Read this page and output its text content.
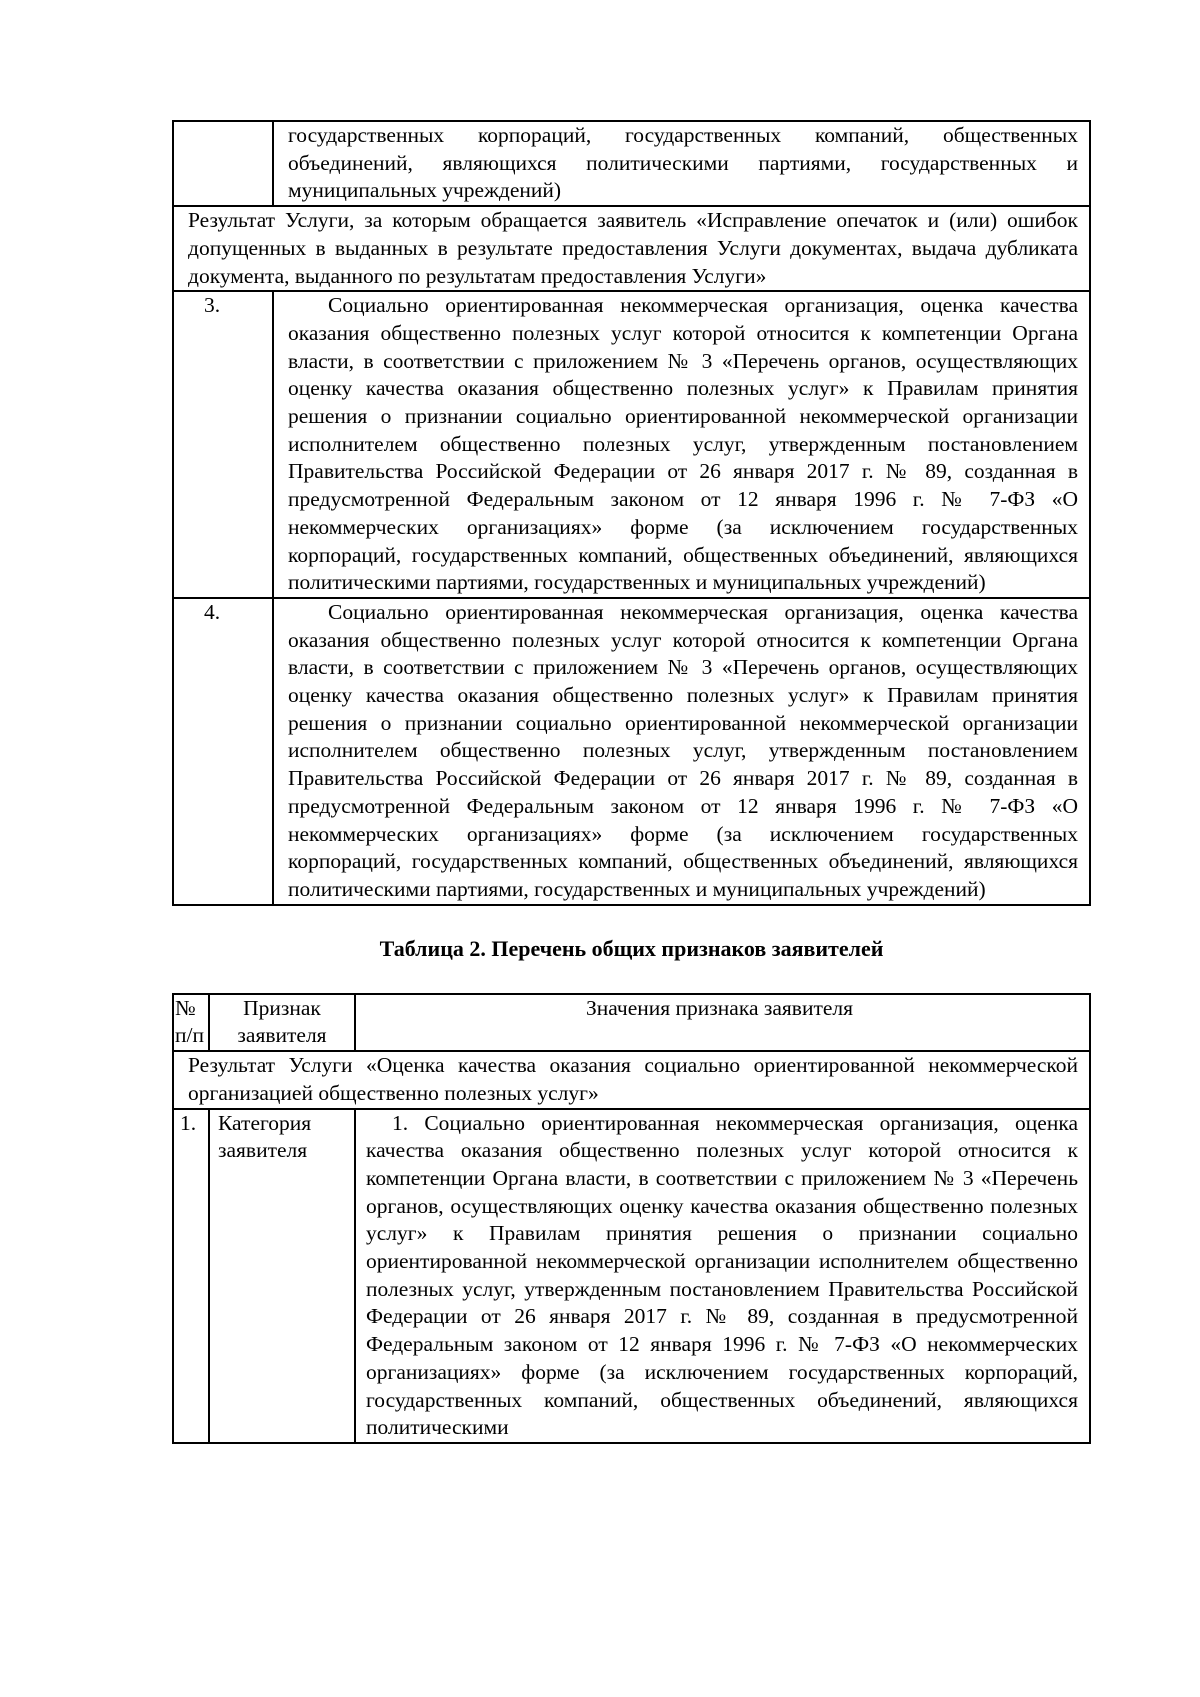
	государственных корпораций, государственных компаний, общественных объединений, являющихся политическими партиями, государственных и муниципальных учреждений)
Результат Услуги, за которым обращается заявитель «Исправление опечаток и (или) ошибок допущенных в выданных в результате предоставления Услуги документах, выдача дубликата документа, выданного по результатам предоставления Услуги»	
3.	Социально ориентированная некоммерческая организация, оценка качества оказания общественно полезных услуг которой относится к компетенции Органа власти, в соответствии с приложением № 3 «Перечень органов, осуществляющих оценку качества оказания общественно полезных услуг» к Правилам принятия решения о признании социально ориентированной некоммерческой организации исполнителем общественно полезных услуг, утвержденным постановлением Правительства Российской Федерации от 26 января 2017 г. № 89, созданная в предусмотренной Федеральным законом от 12 января 1996 г. № 7-ФЗ «О некоммерческих организациях» форме (за исключением государственных корпораций, государственных компаний, общественных объединений, являющихся политическими партиями, государственных и муниципальных учреждений)
4.	Социально ориентированная некоммерческая организация, оценка качества оказания общественно полезных услуг которой относится к компетенции Органа власти, в соответствии с приложением № 3 «Перечень органов, осуществляющих оценку качества оказания общественно полезных услуг» к Правилам принятия решения о признании социально ориентированной некоммерческой организации исполнителем общественно полезных услуг, утвержденным постановлением Правительства Российской Федерации от 26 января 2017 г. № 89, созданная в предусмотренной Федеральным законом от 12 января 1996 г. № 7-ФЗ «О некоммерческих организациях» форме (за исключением государственных корпораций, государственных компаний, общественных объединений, являющихся политическими партиями, государственных и муниципальных учреждений)
Таблица 2. Перечень общих признаков заявителей
№ п/п	Признак заявителя	Значения признака заявителя
Результат Услуги «Оценка качества оказания социально ориентированной некоммерческой организацией общественно полезных услуг»		
1.	Категория заявителя	1. Социально ориентированная некоммерческая организация, оценка качества оказания общественно полезных услуг которой относится к компетенции Органа власти, в соответствии с приложением № 3 «Перечень органов, осуществляющих оценку качества оказания общественно полезных услуг» к Правилам принятия решения о признании социально ориентированной некоммерческой организации исполнителем общественно полезных услуг, утвержденным постановлением Правительства Российской Федерации от 26 января 2017 г. № 89, созданная в предусмотренной Федеральным законом от 12 января 1996 г. № 7-ФЗ «О некоммерческих организациях» форме (за исключением государственных корпораций, государственных компаний, общественных объединений, являющихся политическими
